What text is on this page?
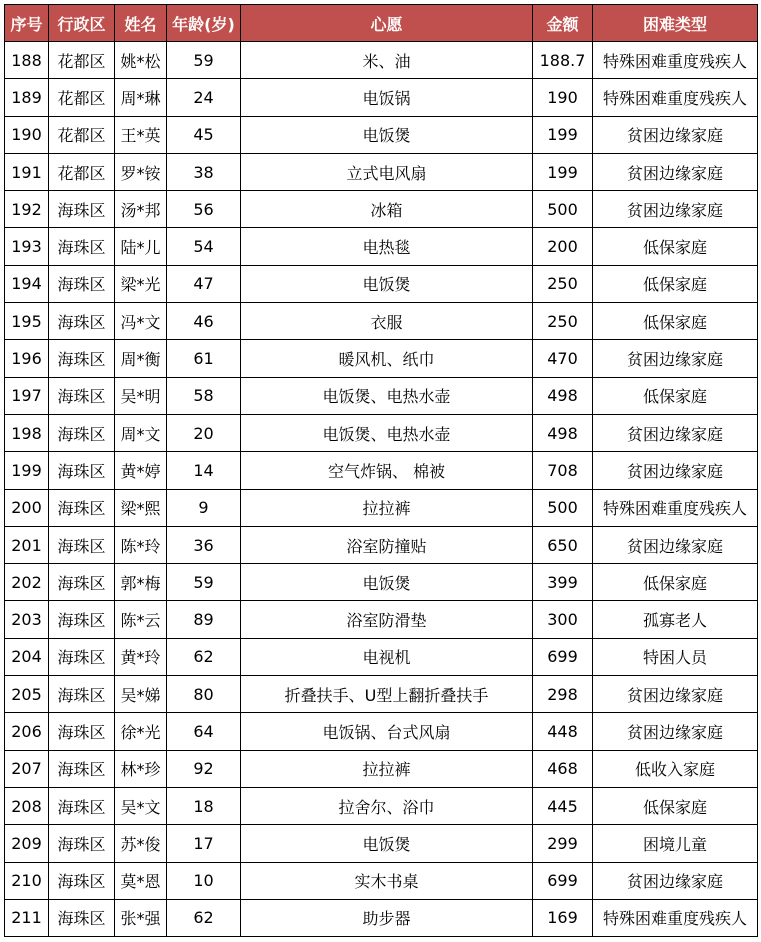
序号	行政区	姓名	年龄(岁)	心愿	金额	困难类型
188	花都区	姚*松	59	米、油	188.7	特殊困难重度残疾人
189	花都区	周*琳	24	电饭锅	190	特殊困难重度残疾人
190	花都区	王*英	45	电饭煲	199	贫困边缘家庭
191	花都区	罗*铵	38	立式电风扇	199	贫困边缘家庭
192	海珠区	汤*邦	56	冰箱	500	贫困边缘家庭
193	海珠区	陆*儿	54	电热毯	200	低保家庭
194	海珠区	梁*光	47	电饭煲	250	低保家庭
195	海珠区	冯*文	46	衣服	250	低保家庭
196	海珠区	周*衡	61	暖风机、纸巾	470	贫困边缘家庭
197	海珠区	吴*明	58	电饭煲、电热水壶	498	低保家庭
198	海珠区	周*文	20	电饭煲、电热水壶	498	贫困边缘家庭
199	海珠区	黄*婷	14	空气炸锅、 棉被	708	贫困边缘家庭
200	海珠区	梁*熙	9	拉拉裤	500	特殊困难重度残疾人
201	海珠区	陈*玲	36	浴室防撞贴	650	贫困边缘家庭
202	海珠区	郭*梅	59	电饭煲	399	低保家庭
203	海珠区	陈*云	89	浴室防滑垫	300	孤寡老人
204	海珠区	黄*玲	62	电视机	699	特困人员
205	海珠区	吴*娣	80	折叠扶手、U型上翻折叠扶手	298	贫困边缘家庭
206	海珠区	徐*光	64	电饭锅、台式风扇	448	贫困边缘家庭
207	海珠区	林*珍	92	拉拉裤	468	低收入家庭
208	海珠区	吴*文	18	拉舍尔、浴巾	445	低保家庭
209	海珠区	苏*俊	17	电饭煲	299	困境儿童
210	海珠区	莫*恩	10	实木书桌	699	贫困边缘家庭
211	海珠区	张*强	62	助步器	169	特殊困难重度残疾人
